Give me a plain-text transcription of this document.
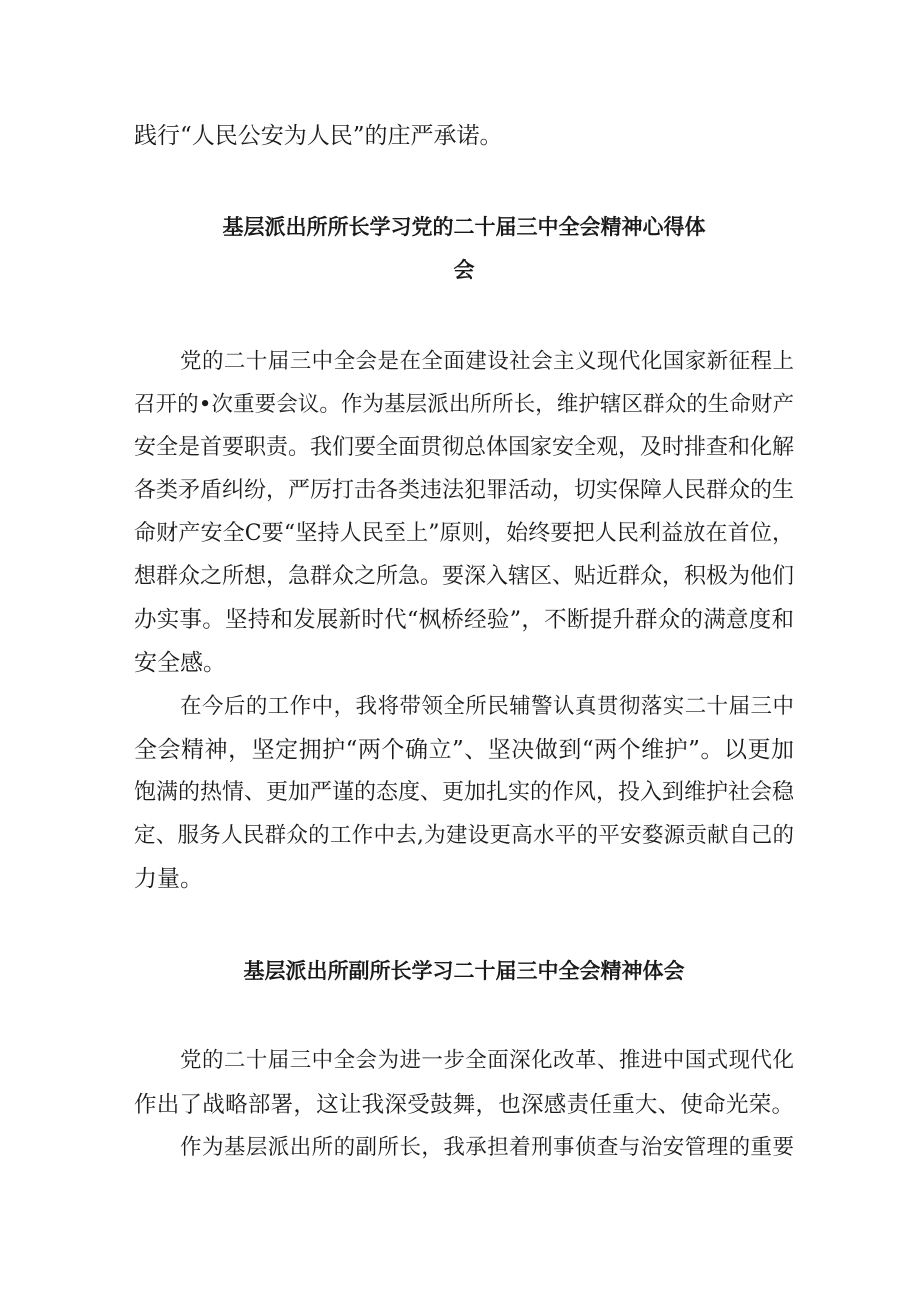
践行“人民公安为人民”的庄严承诺。
基层派出所所长学习党的二十届三中全会精神心得体
会
党的二十届三中全会是在全面建设社会主义现代化国家新征程上
召开的•次重要会议。作为基层派出所所长，维护辖区群众的生命财产
安全是首要职责。我们要全面贯彻总体国家安全观，及时排查和化解
各类矛盾纠纷，严厉打击各类违法犯罪活动，切实保障人民群众的生
命财产安全C要“坚持人民至上”原则，始终要把人民利益放在首位，
想群众之所想，急群众之所急。要深入辖区、贴近群众，积极为他们
办实事。坚持和发展新时代“枫桥经验”，不断提升群众的满意度和
安全感。
在今后的工作中，我将带领全所民辅警认真贯彻落实二十届三中
全会精神，坚定拥护“两个确立”、坚决做到“两个维护”。以更加
饱满的热情、更加严谨的态度、更加扎实的作风，投入到维护社会稳
定、服务人民群众的工作中去,为建设更高水平的平安婺源贡献自己的
力量。
基层派出所副所长学习二十届三中全会精神体会
党的二十届三中全会为进一步全面深化改革、推进中国式现代化
作出了战略部署，这让我深受鼓舞，也深感责任重大、使命光荣。
作为基层派出所的副所长，我承担着刑事侦查与治安管理的重要
